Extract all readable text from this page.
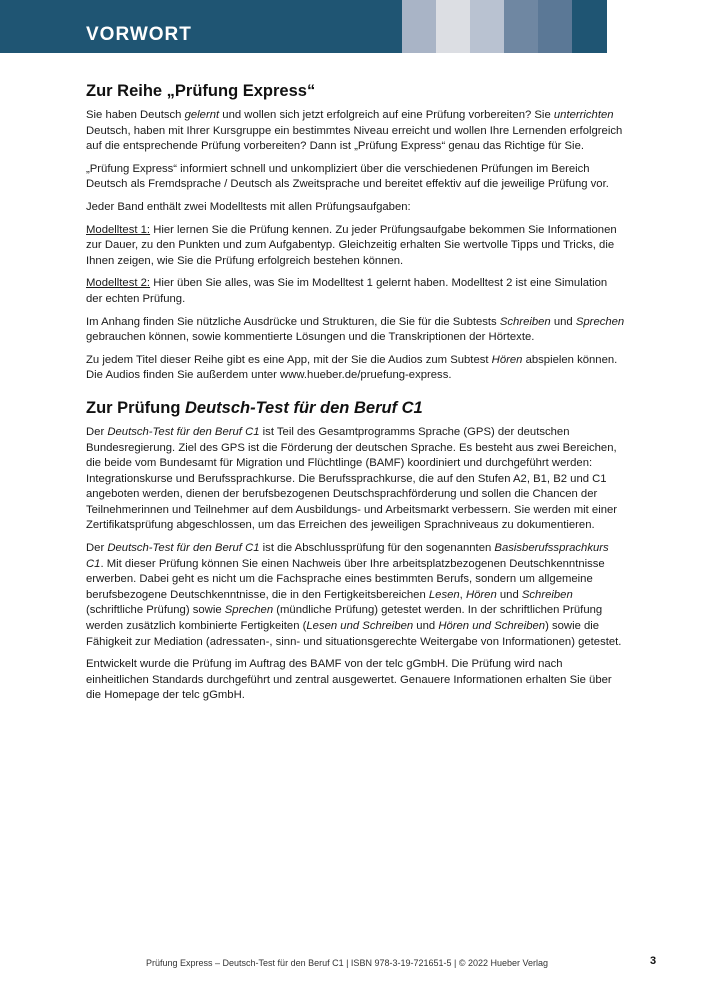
VORWORT
Zur Reihe „Prüfung Express“

Sie haben Deutsch gelernt und wollen sich jetzt erfolgreich auf eine Prüfung vorbereiten? Sie unterrichten Deutsch, haben mit Ihrer Kursgruppe ein bestimmtes Niveau erreicht und wollen Ihre Lernenden erfolgreich auf die entsprechende Prüfung vorbereiten? Dann ist „Prüfung Express“ genau das Richtige für Sie.

„Prüfung Express“ informiert schnell und unkompliziert über die verschiedenen Prüfungen im Bereich Deutsch als Fremdsprache / Deutsch als Zweitsprache und bereitet effektiv auf die jeweilige Prüfung vor.

Jeder Band enthält zwei Modelltests mit allen Prüfungsaufgaben:

Modelltest 1: Hier lernen Sie die Prüfung kennen. Zu jeder Prüfungsaufgabe bekommen Sie Informationen zur Dauer, zu den Punkten und zum Aufgabentyp. Gleichzeitig erhalten Sie wertvolle Tipps und Tricks, die Ihnen zeigen, wie Sie die Prüfung erfolgreich bestehen können.

Modelltest 2: Hier üben Sie alles, was Sie im Modelltest 1 gelernt haben. Modelltest 2 ist eine Simulation der echten Prüfung.

Im Anhang finden Sie nützliche Ausdrücke und Strukturen, die Sie für die Subtests Schreiben und Sprechen gebrauchen können, sowie kommentierte Lösungen und die Transkriptionen der Hörtexte.

Zu jedem Titel dieser Reihe gibt es eine App, mit der Sie die Audios zum Subtest Hören abspielen können. Die Audios finden Sie außerdem unter www.hueber.de/pruefung-express.

Zur Prüfung Deutsch-Test für den Beruf C1

Der Deutsch-Test für den Beruf C1 ist Teil des Gesamtprogramms Sprache (GPS) der deutschen Bundesregierung. Ziel des GPS ist die Förderung der deutschen Sprache. Es besteht aus zwei Bereichen, die beide vom Bundesamt für Migration und Flüchtlinge (BAMF) koordiniert und durchgeführt werden: Integrationskurse und Berufssprachkurse. Die Berufssprachkurse, die auf den Stufen A2, B1, B2 und C1 angeboten werden, dienen der berufsbezogenen Deutschsprachförderung und sollen die Chancen der Teilnehmerinnen und Teilnehmer auf dem Ausbildungs- und Arbeitsmarkt verbessern. Sie werden mit einer Zertifikatsprüfung abgeschlossen, um das Erreichen des jeweiligen Sprachniveaus zu dokumentieren.

Der Deutsch-Test für den Beruf C1 ist die Abschlussprüfung für den sogenannten Basisberufssprachkurs C1. Mit dieser Prüfung können Sie einen Nachweis über Ihre arbeitsplatzbezogenen Deutschkenntnisse erwerben. Dabei geht es nicht um die Fachsprache eines bestimmten Berufs, sondern um allgemeine berufsbezogene Deutschkenntnisse, die in den Fertigkeitsbereichen Lesen, Hören und Schreiben (schriftliche Prüfung) sowie Sprechen (mündliche Prüfung) getestet werden. In der schriftlichen Prüfung werden zusätzlich kombinierte Fertigkeiten (Lesen und Schreiben und Hören und Schreiben) sowie die Fähigkeit zur Mediation (adressaten-, sinn- und situationsgerechte Weitergabe von Informationen) getestet.

Entwickelt wurde die Prüfung im Auftrag des BAMF von der telc gGmbH. Die Prüfung wird nach einheitlichen Standards durchgeführt und zentral ausgewertet. Genauere Informationen erhalten Sie über die Homepage der telc gGmbH.

Prüfung Express – Deutsch-Test für den Beruf C1 | ISBN 978-3-19-721651-5 | © 2022 Hueber Verlag	3
